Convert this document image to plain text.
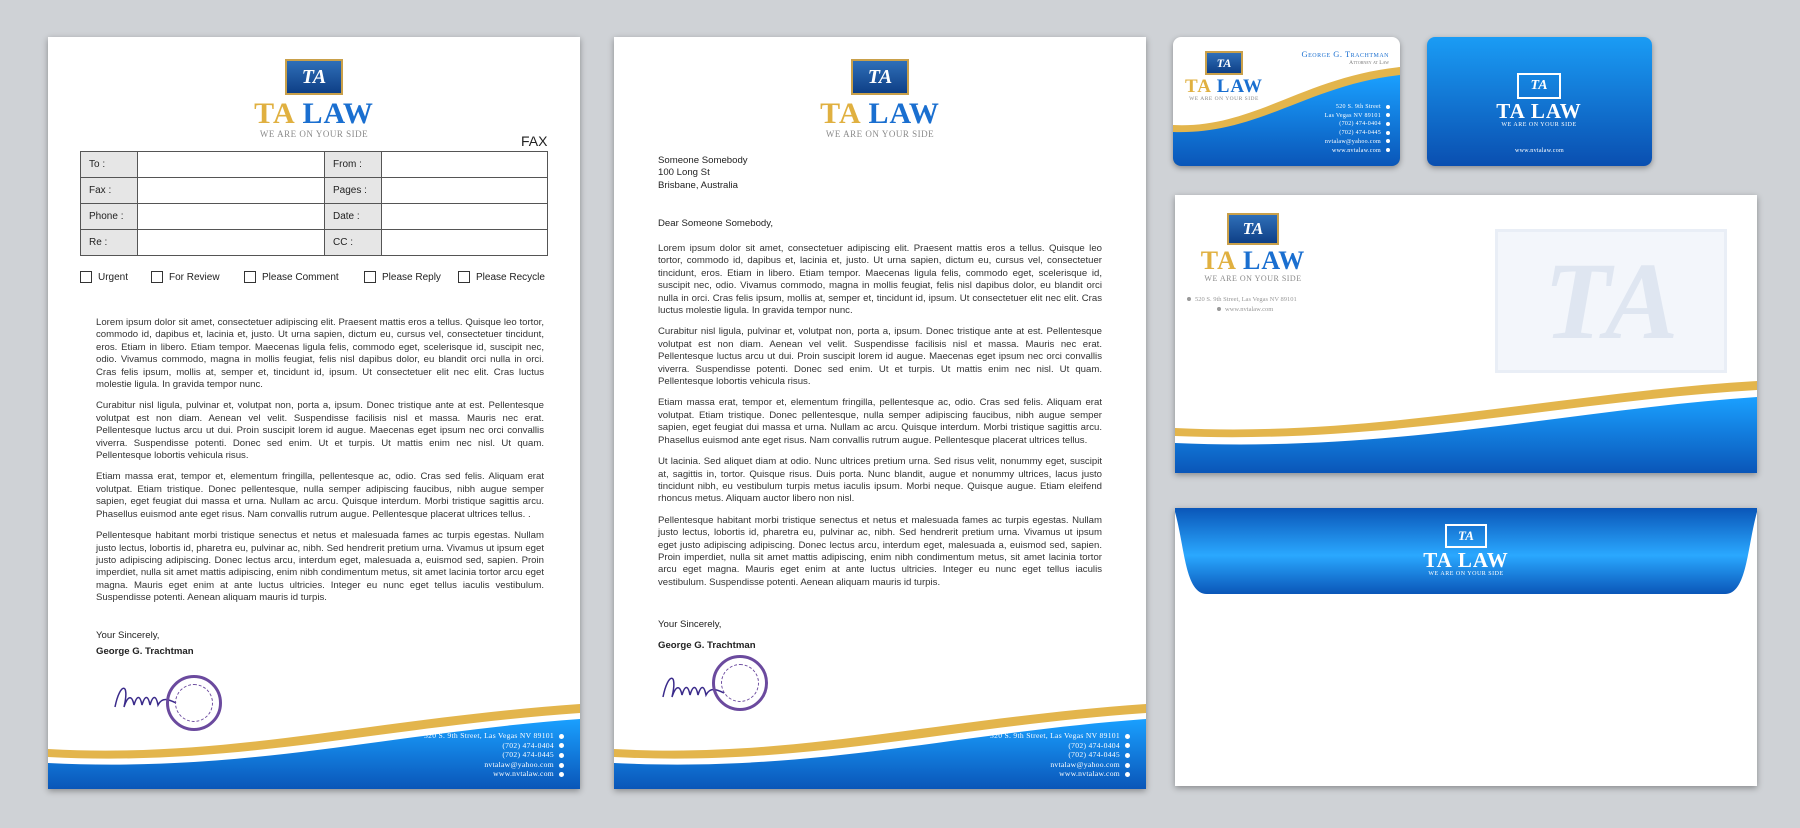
TA
TA LAW
WE ARE ON YOUR SIDE	FAX
To :		From :	
Fax :		Pages :	
Phone :		Date :	
Re :		CC :	
Urgent	For Review	Please Comment	Please Reply	Please Recycle

Lorem ipsum dolor sit amet, consectetuer adipiscing elit. Praesent mattis eros a tellus. Quisque leo tortor, commodo id, dapibus et, lacinia et, justo. Ut urna sapien, dictum eu, cursus vel, consectetuer tincidunt, eros. Etiam in libero. Etiam tempor. Maecenas ligula felis, commodo eget, scelerisque id, suscipit nec, odio. Vivamus commodo, magna in mollis feugiat, felis nisl dapibus dolor, eu blandit orci nulla in orci. Cras felis ipsum, mollis at, semper et, tincidunt id, ipsum. Ut consectetuer elit nec elit. Cras luctus molestie ligula. In gravida tempor nunc.

Curabitur nisl ligula, pulvinar et, volutpat non, porta a, ipsum. Donec tristique ante at est. Pellentesque volutpat est non diam. Aenean vel velit. Suspendisse facilisis nisl et massa. Mauris nec erat. Pellentesque luctus arcu ut dui. Proin suscipit lorem id augue. Maecenas eget ipsum nec orci convallis viverra. Suspendisse potenti. Donec sed enim. Ut et turpis. Ut mattis enim nec nisl. Ut quam. Pellentesque lobortis vehicula risus.

Etiam massa erat, tempor et, elementum fringilla, pellentesque ac, odio. Cras sed felis. Aliquam erat volutpat. Etiam tristique. Donec pellentesque, nulla semper adipiscing faucibus, nibh augue semper sapien, eget feugiat dui massa et urna. Nullam ac arcu. Quisque interdum. Morbi tristique sagittis arcu. Phasellus euismod ante eget risus. Nam convallis rutrum augue. Pellentesque placerat ultrices tellus. .

Pellentesque habitant morbi tristique senectus et netus et malesuada fames ac turpis egestas. Nullam justo lectus, lobortis id, pharetra eu, pulvinar ac, nibh. Sed hendrerit pretium urna. Vivamus ut ipsum eget justo adipiscing adipiscing. Donec lectus arcu, interdum eget, malesuada a, euismod sed, sapien. Proin imperdiet, nulla sit amet mattis adipiscing, enim nibh condimentum metus, sit amet lacinia tortor arcu eget magna. Mauris eget enim at ante luctus ultricies. Integer eu nunc eget tellus iaculis vestibulum. Suspendisse potenti. Aenean aliquam mauris id turpis.

Your Sincerely,
George G. Trachtman
520 S. 9th Street, Las Vegas NV 89101
(702) 474-0404
(702) 474-0445
nvtalaw@yahoo.com
www.nvtalaw.com
TA
TA LAW
WE ARE ON YOUR SIDE
Someone Somebody
100 Long St
Brisbane, Australia
Dear Someone Somebody,

Lorem ipsum dolor sit amet, consectetuer adipiscing elit. Praesent mattis eros a tellus. Quisque leo tortor, commodo id, dapibus et, lacinia et, justo. Ut urna sapien, dictum eu, cursus vel, consectetuer tincidunt, eros. Etiam in libero. Etiam tempor. Maecenas ligula felis, commodo eget, scelerisque id, suscipit nec, odio. Vivamus commodo, magna in mollis feugiat, felis nisl dapibus dolor, eu blandit orci nulla in orci. Cras felis ipsum, mollis at, semper et, tincidunt id, ipsum. Ut consectetuer elit nec elit. Cras luctus molestie ligula. In gravida tempor nunc.

Curabitur nisl ligula, pulvinar et, volutpat non, porta a, ipsum. Donec tristique ante at est. Pellentesque volutpat est non diam. Aenean vel velit. Suspendisse facilisis nisl et massa. Mauris nec erat. Pellentesque luctus arcu ut dui. Proin suscipit lorem id augue. Maecenas eget ipsum nec orci convallis viverra. Suspendisse potenti. Donec sed enim. Ut et turpis. Ut mattis enim nec nisl. Ut quam. Pellentesque lobortis vehicula risus.

Etiam massa erat, tempor et, elementum fringilla, pellentesque ac, odio. Cras sed felis. Aliquam erat volutpat. Etiam tristique. Donec pellentesque, nulla semper adipiscing faucibus, nibh augue semper sapien, eget feugiat dui massa et urna. Nullam ac arcu. Quisque interdum. Morbi tristique sagittis arcu. Phasellus euismod ante eget risus. Nam convallis rutrum augue. Pellentesque placerat ultrices tellus.

Ut lacinia. Sed aliquet diam at odio. Nunc ultrices pretium urna. Sed risus velit, nonummy eget, suscipit at, sagittis in, tortor. Quisque risus. Duis porta. Nunc blandit, augue et nonummy ultrices, lacus justo tincidunt nibh, eu vestibulum turpis metus iaculis ipsum. Morbi neque. Quisque augue. Etiam eleifend rhoncus metus. Aliquam auctor libero non nisl.

Pellentesque habitant morbi tristique senectus et netus et malesuada fames ac turpis egestas. Nullam justo lectus, lobortis id, pharetra eu, pulvinar ac, nibh. Sed hendrerit pretium urna. Vivamus ut ipsum eget justo adipiscing adipiscing. Donec lectus arcu, interdum eget, malesuada a, euismod sed, sapien. Proin imperdiet, nulla sit amet mattis adipiscing, enim nibh condimentum metus, sit amet lacinia tortor arcu eget magna. Mauris eget enim at ante luctus ultricies. Integer eu nunc eget tellus iaculis vestibulum. Suspendisse potenti. Aenean aliquam mauris id turpis.

Your Sincerely,
George G. Trachtman
520 S. 9th Street, Las Vegas NV 89101
(702) 474-0404
(702) 474-0445
nvtalaw@yahoo.com
www.nvtalaw.com
TA
TA LAW
WE ARE ON YOUR SIDE
George G. Trachtman
Attorney at Law
520 S. 9th Street
Las Vegas NV 89101
(702) 474-0404
(702) 474-0445
nvtalaw@yahoo.com
www.nvtalaw.com
TA
TA LAW
WE ARE ON YOUR SIDE
www.nvtalaw.com
TA
TA LAW
WE ARE ON YOUR SIDE
520 S. 9th Street, Las Vegas NV 89101
www.nvtalaw.com	TA
TA
TA LAW
WE ARE ON YOUR SIDE
